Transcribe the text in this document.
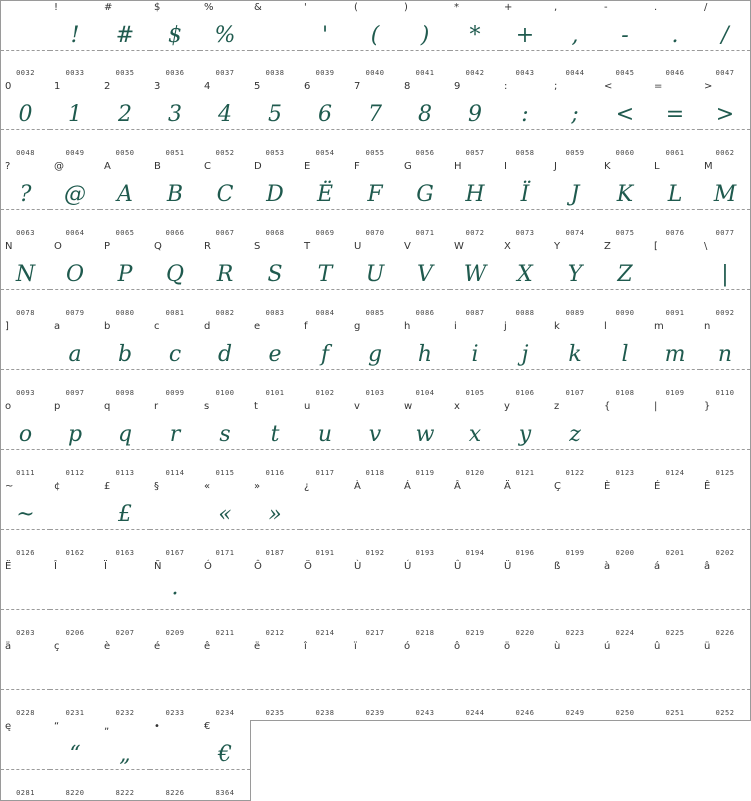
0032
!
!
0033
#
#
0035
$
$
0036
%
%
0037
&
0038
'
'
0039
(
(
0040
)
)
0041
*
*
0042
+
+
0043
,
,
0044
-
-
0045
.
.
0046
/
/
0047
0
0
0048
1
1
0049
2
2
0050
3
3
0051
4
4
0052
5
5
0053
6
6
0054
7
7
0055
8
8
0056
9
9
0057
:
:
0058
;
;
0059
<
<
0060
=
=
0061
>
>
0062
?
?
0063
@
@
0064
A
A
0065
B
B
0066
C
C
0067
D
D
0068
E
Ë
0069
F
F
0070
G
G
0071
H
H
0072
I
Ï
0073
J
J
0074
K
K
0075
L
L
0076
M
M
0077
N
N
0078
O
O
0079
P
P
0080
Q
Q
0081
R
R
0082
S
S
0083
T
T
0084
U
U
0085
V
V
0086
W
W
0087
X
X
0088
Y
Y
0089
Z
Z
0090
[
0091
\
|
0092
]
0093
a
a
0097
b
b
0098
c
c
0099
d
d
0100
e
e
0101
f
f
0102
g
g
0103
h
h
0104
i
i
0105
j
j
0106
k
k
0107
l
l
0108
m
m
0109
n
n
0110
o
o
0111
p
p
0112
q
q
0113
r
r
0114
s
s
0115
t
t
0116
u
u
0117
v
v
0118
w
w
0119
x
x
0120
y
y
0121
z
z
0122
{
0123
|
0124
}
0125
~
~
0126
¢
0162
£
£
0163
§
0167
«
«
0171
»
»
0187
¿
0191
À
0192
Á
0193
Â
0194
Ä
0196
Ç
0199
È
0200
É
0201
Ê
0202
Ë
0203
Î
0206
Ï
0207
Ñ
·
0209
Ó
0211
Ô
0212
Ö
0214
Ù
0217
Ú
0218
Û
0219
Ü
0220
ß
0223
à
0224
á
0225
â
0226
ä
0228
ç
0231
è
0232
é
0233
ê
0234
ë
0235
î
0238
ï
0239
ó
0243
ô
0244
ö
0246
ù
0249
ú
0250
û
0251
ü
0252
ę
0281
“
“
8220
„
„
8222
•
8226
€
€
8364
